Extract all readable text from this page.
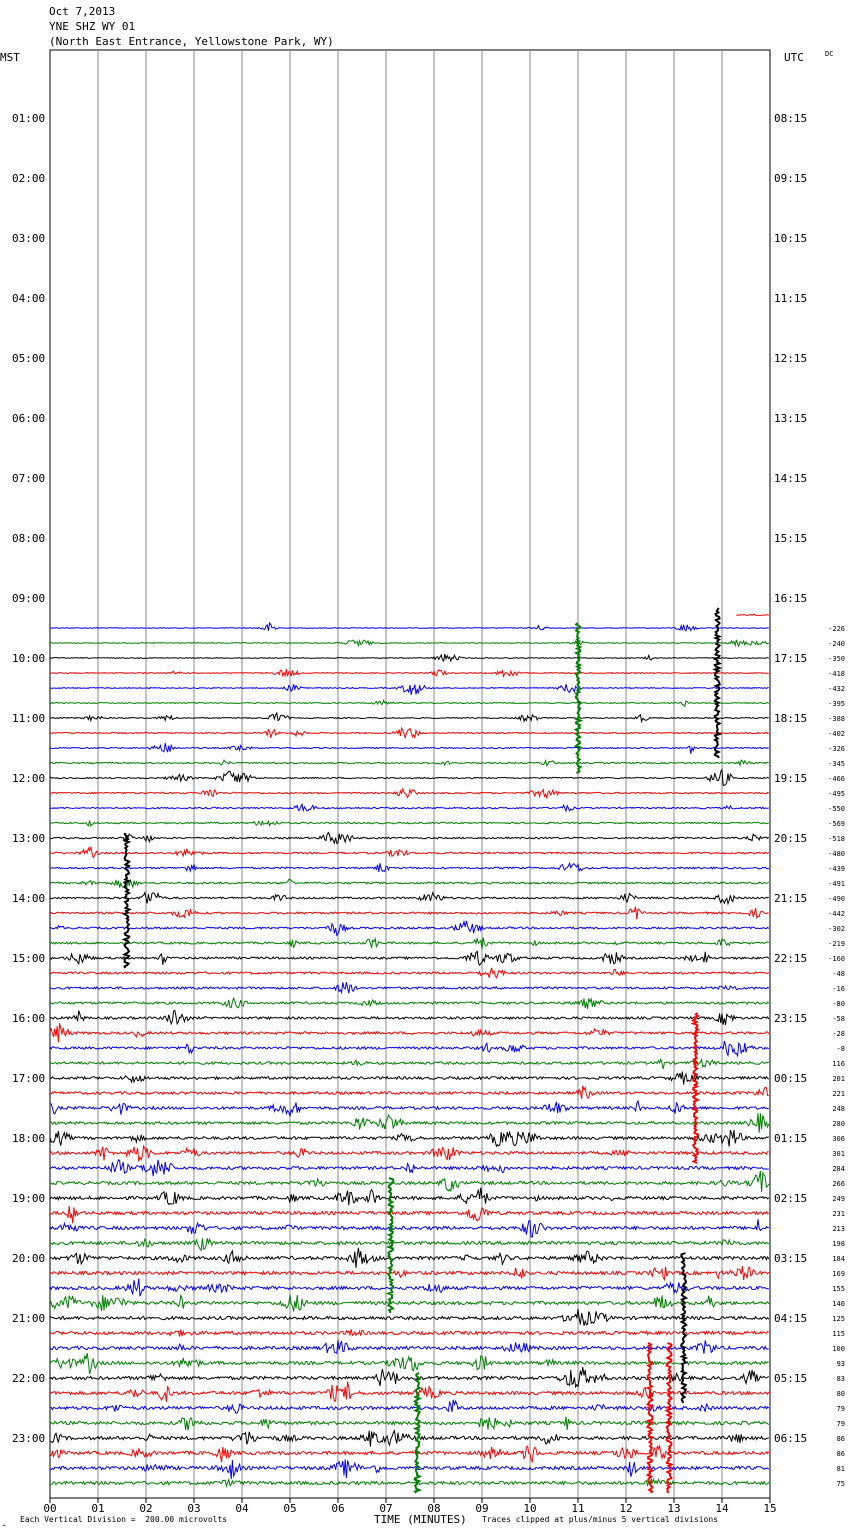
Oct 7,2013
YNE SHZ WY 01
(North East Entrance, Yellowstone Park, WY)
00	01	02	03	04	05	06	07	08	09	10	11	12	13	14	15
01:00
02:00
03:00
04:00
05:00
06:00
07:00
08:00
09:00
10:00
11:00
12:00
13:00
14:00
15:00
16:00
17:00
18:00
19:00
20:00
21:00
22:00
23:00
08:15
09:15
10:15
11:15
12:15
13:15
14:15
15:15
16:15
17:15
18:15
19:15
20:15
21:15
22:15
23:15
00:15
01:15
02:15
03:15
04:15
05:15
06:15
-226
-240
-350
-418
-432
-395
-388
-402
-326
-345
-466
-495
-550
-569
-518
-480
-439
-491
-490
-442
-302
-219
-160
-48
-16
-80
-58
-28
-8
116
201
221
248
280
306
301
284
266
249
231
213
198
184
169
155
140
125
115
100
93
83
80
79
79
86
86
81
75
MST	UTC	DC
Each Vertical Division =  200.00 microvolts	TIME (MINUTES) Traces clipped at plus/minus 5 vertical divisions
→
